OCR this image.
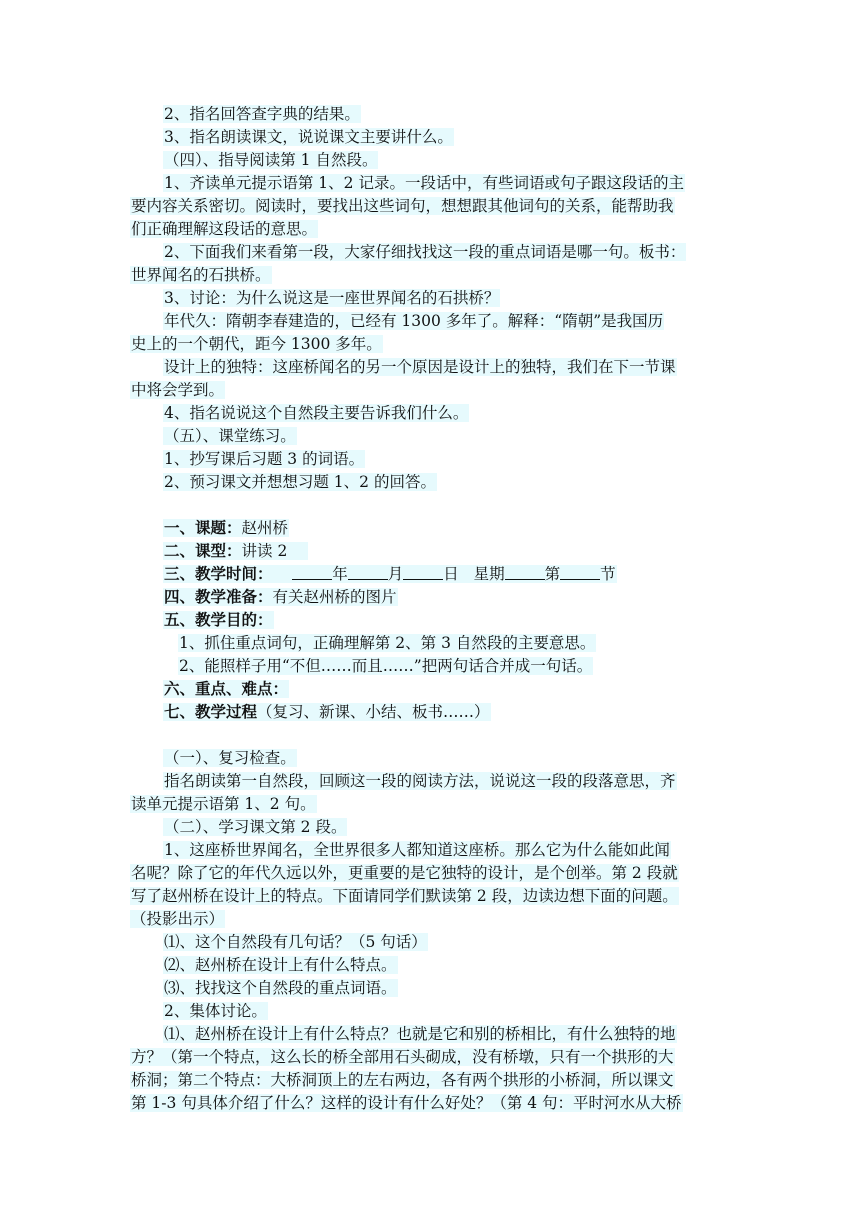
2、指名回答查字典的结果。
3、指名朗读课文，说说课文主要讲什么。
（四）、指导阅读第 1 自然段。
1、齐读单元提示语第 1、2 记录。一段话中，有些词语或句子跟这段话的主
要内容关系密切。阅读时，要找出这些词句，想想跟其他词句的关系，能帮助我
们正确理解这段话的意思。
2、下面我们来看第一段，大家仔细找找这一段的重点词语是哪一句。板书：
世界闻名的石拱桥。
3、讨论：为什么说这是一座世界闻名的石拱桥？
年代久：隋朝李春建造的，已经有 1300 多年了。解释：“隋朝”是我国历
史上的一个朝代，距今 1300 多年。
设计上的独特：这座桥闻名的另一个原因是设计上的独特，我们在下一节课
中将会学到。
4、指名说说这个自然段主要告诉我们什么。
（五）、课堂练习。
1、抄写课后习题 3 的词语。
2、预习课文并想想习题 1、2 的回答。
一、课题：赵州桥
二、课型：讲读 2
三、教学时间：	年	月	日 星期	第	节
四、教学准备：有关赵州桥的图片
五、教学目的：
1、抓住重点词句，正确理解第 2、第 3 自然段的主要意思。
2、能照样子用“不但……而且……”把两句话合并成一句话。
六、重点、难点：
七、教学过程（复习、新课、小结、板书……）
（一）、复习检查。
指名朗读第一自然段，回顾这一段的阅读方法，说说这一段的段落意思，齐
读单元提示语第 1、2 句。
（二）、学习课文第 2 段。
1、这座桥世界闻名，全世界很多人都知道这座桥。那么它为什么能如此闻
名呢？除了它的年代久远以外，更重要的是它独特的设计，是个创举。第 2 段就
写了赵州桥在设计上的特点。下面请同学们默读第 2 段，边读边想下面的问题。
（投影出示）
⑴、这个自然段有几句话？（5 句话）
⑵、赵州桥在设计上有什么特点。
⑶、找找这个自然段的重点词语。
2、集体讨论。
⑴、赵州桥在设计上有什么特点？也就是它和别的桥相比，有什么独特的地
方？（第一个特点，这么长的桥全部用石头砌成，没有桥墩，只有一个拱形的大
桥洞；第二个特点：大桥洞顶上的左右两边，各有两个拱形的小桥洞，所以课文
第 1-3 句具体介绍了什么？这样的设计有什么好处？（第 4 句：平时河水从大桥
